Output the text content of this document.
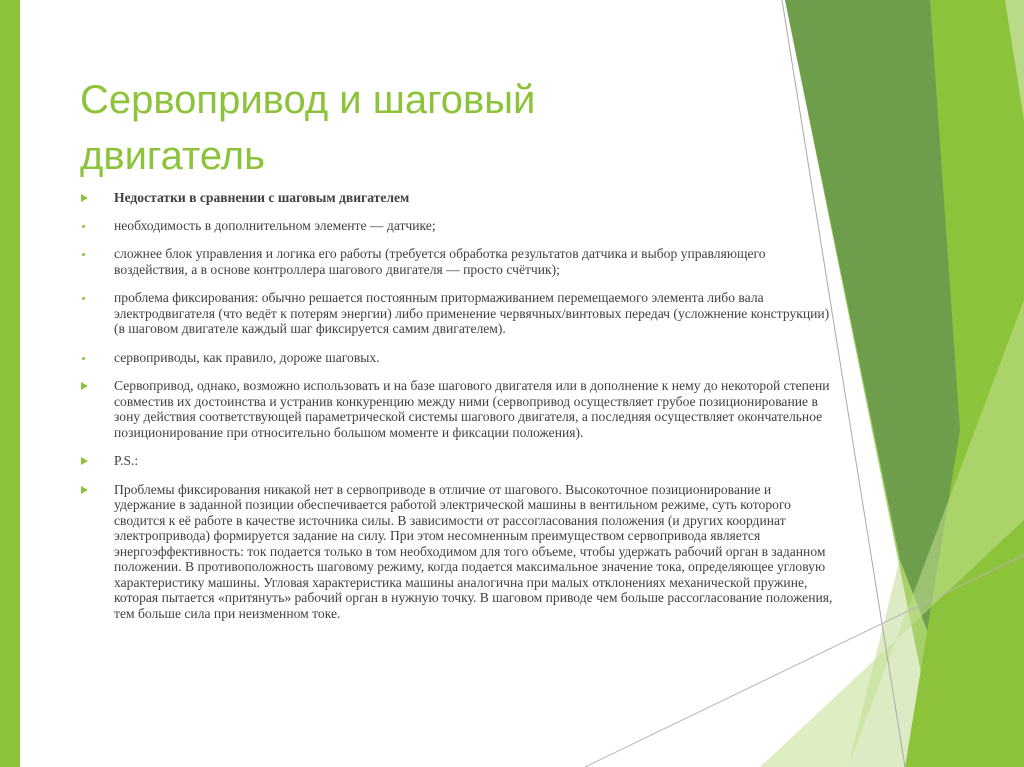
Сервопривод и шаговый двигатель
Недостатки в сравнении с шаговым двигателем
необходимость в дополнительном элементе — датчике;
сложнее блок управления и логика его работы (требуется обработка результатов датчика и выбор управляющего воздействия, а в основе контроллера шагового двигателя — просто счётчик);
проблема фиксирования: обычно решается постоянным притормаживанием перемещаемого элемента либо вала электродвигателя (что ведёт к потерям энергии) либо применение червячных/винтовых передач (усложнение конструкции) (в шаговом двигателе каждый шаг фиксируется самим двигателем).
сервоприводы, как правило, дороже шаговых.
Сервопривод, однако, возможно использовать и на базе шагового двигателя или в дополнение к нему до некоторой степени совместив их достоинства и устранив конкуренцию между ними (сервопривод осуществляет грубое позиционирование в зону действия соответствующей параметрической системы шагового двигателя, а последняя осуществляет окончательное позиционирование при относительно большом моменте и фиксации положения).
P.S.:
Проблемы фиксирования никакой нет в сервоприводе в отличие от шагового. Высокоточное позиционирование и удержание в заданной позиции обеспечивается работой электрической машины в вентильном режиме, суть которого сводится к её работе в качестве источника силы. В зависимости от рассогласования положения (и других координат электропривода) формируется задание на силу. При этом несомненным преимуществом сервопривода является энергоэффективность: ток подается только в том необходимом для того объеме, чтобы удержать рабочий орган в заданном положении. В противоположность шаговому режиму, когда подается максимальное значение тока, определяющее угловую характеристику машины. Угловая характеристика машины аналогична при малых отклонениях механической пружине, которая пытается «притянуть» рабочий орган в нужную точку. В шаговом приводе чем больше рассогласование положения, тем больше сила при неизменном токе.
